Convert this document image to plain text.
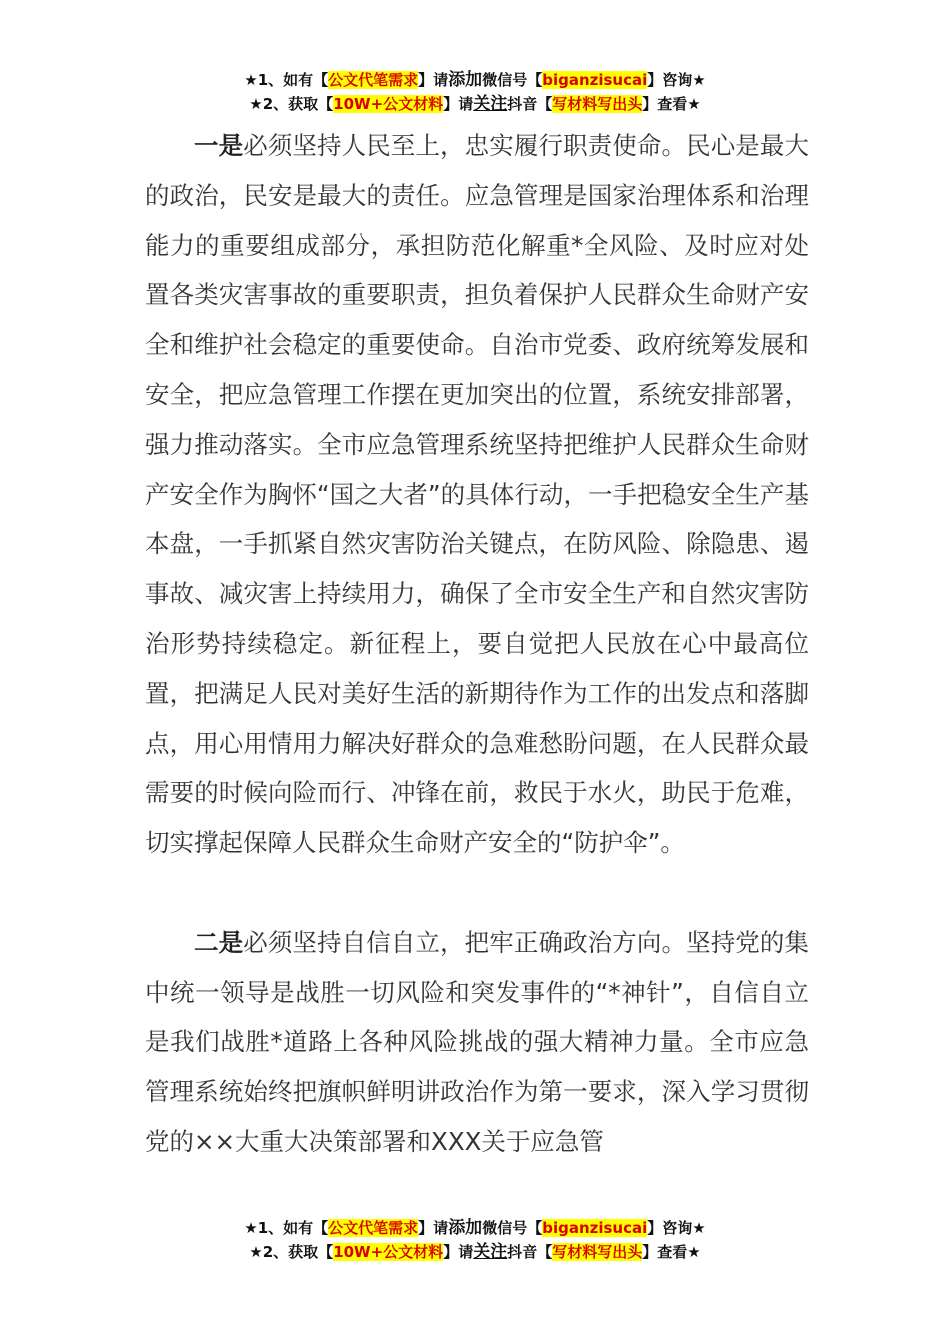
★1、如有【公文代笔需求】请添加微信号【biganzisucai】咨询★
★2、获取【10W+公文材料】请关注抖音【写材料写出头】查看★

一是必须坚持人民至上，忠实履行职责使命。民心是最大的政治，民安是最大的责任。应急管理是国家治理体系和治理能力的重要组成部分，承担防范化解重*全风险、及时应对处置各类灾害事故的重要职责，担负着保护人民群众生命财产安全和维护社会稳定的重要使命。自治市党委、政府统筹发展和安全，把应急管理工作摆在更加突出的位置，系统安排部署，强力推动落实。全市应急管理系统坚持把维护人民群众生命财产安全作为胸怀“国之大者”的具体行动，一手把稳安全生产基本盘，一手抓紧自然灾害防治关键点，在防风险、除隐患、遏事故、减灾害上持续用力，确保了全市安全生产和自然灾害防治形势持续稳定。新征程上，要自觉把人民放在心中最高位置，把满足人民对美好生活的新期待作为工作的出发点和落脚点，用心用情用力解决好群众的急难愁盼问题，在人民群众最需要的时候向险而行、冲锋在前，救民于水火，助民于危难，切实撑起保障人民群众生命财产安全的“防护伞”。

二是必须坚持自信自立，把牢正确政治方向。坚持党的集中统一领导是战胜一切风险和突发事件的“*神针”，自信自立是我们战胜*道路上各种风险挑战的强大精神力量。全市应急管理系统始终把旗帜鲜明讲政治作为第一要求，深入学习贯彻党的××大重大决策部署和XXX关于应急管

★1、如有【公文代笔需求】请添加微信号【biganzisucai】咨询★
★2、获取【10W+公文材料】请关注抖音【写材料写出头】查看★
